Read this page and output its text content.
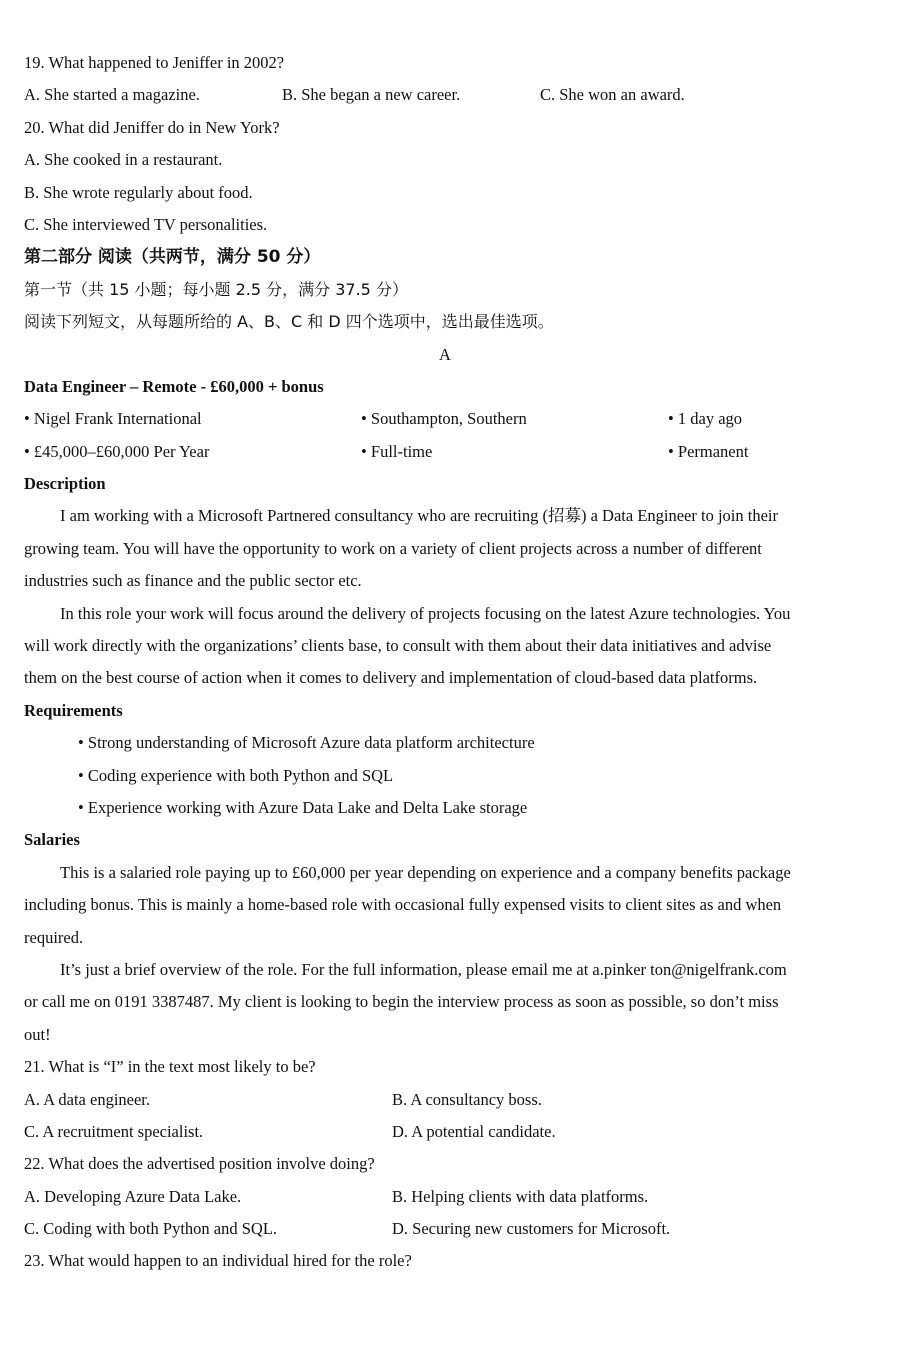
19. What happened to Jeniffer in 2002?
A. She started a magazine.	B. She began a new career.	C. She won an award.
20. What did Jeniffer do in New York?
A. She cooked in a restaurant.
B. She wrote regularly about food.
C. She interviewed TV personalities.
第二部分 阅读（共两节，满分 50 分）
第一节（共 15 小题；每小题 2.5 分，满分 37.5 分）
阅读下列短文，从每题所给的 A、B、C 和 D 四个选项中，选出最佳选项。
A
Data Engineer – Remote - £60,000 + bonus
• Nigel Frank International	• Southampton, Southern	• 1 day ago
• £45,000–£60,000 Per Year	• Full-time	• Permanent
Description
I am working with a Microsoft Partnered consultancy who are recruiting (招募) a Data Engineer to join their
growing team. You will have the opportunity to work on a variety of client projects across a number of different
industries such as finance and the public sector etc.
In this role your work will focus around the delivery of projects focusing on the latest Azure technologies. You
will work directly with the organizations’ clients base, to consult with them about their data initiatives and advise
them on the best course of action when it comes to delivery and implementation of cloud-based data platforms.
Requirements
• Strong understanding of Microsoft Azure data platform architecture
• Coding experience with both Python and SQL
• Experience working with Azure Data Lake and Delta Lake storage
Salaries
This is a salaried role paying up to £60,000 per year depending on experience and a company benefits package
including bonus. This is mainly a home-based role with occasional fully expensed visits to client sites as and when
required.
It’s just a brief overview of the role. For the full information, please email me at a.pinker ton@nigelfrank.com
or call me on 0191 3387487. My client is looking to begin the interview process as soon as possible, so don’t miss
out!
21. What is “I” in the text most likely to be?
A. A data engineer.	B. A consultancy boss.
C. A recruitment specialist.	D. A potential candidate.
22. What does the advertised position involve doing?
A. Developing Azure Data Lake.	B. Helping clients with data platforms.
C. Coding with both Python and SQL.	D. Securing new customers for Microsoft.
23. What would happen to an individual hired for the role?
